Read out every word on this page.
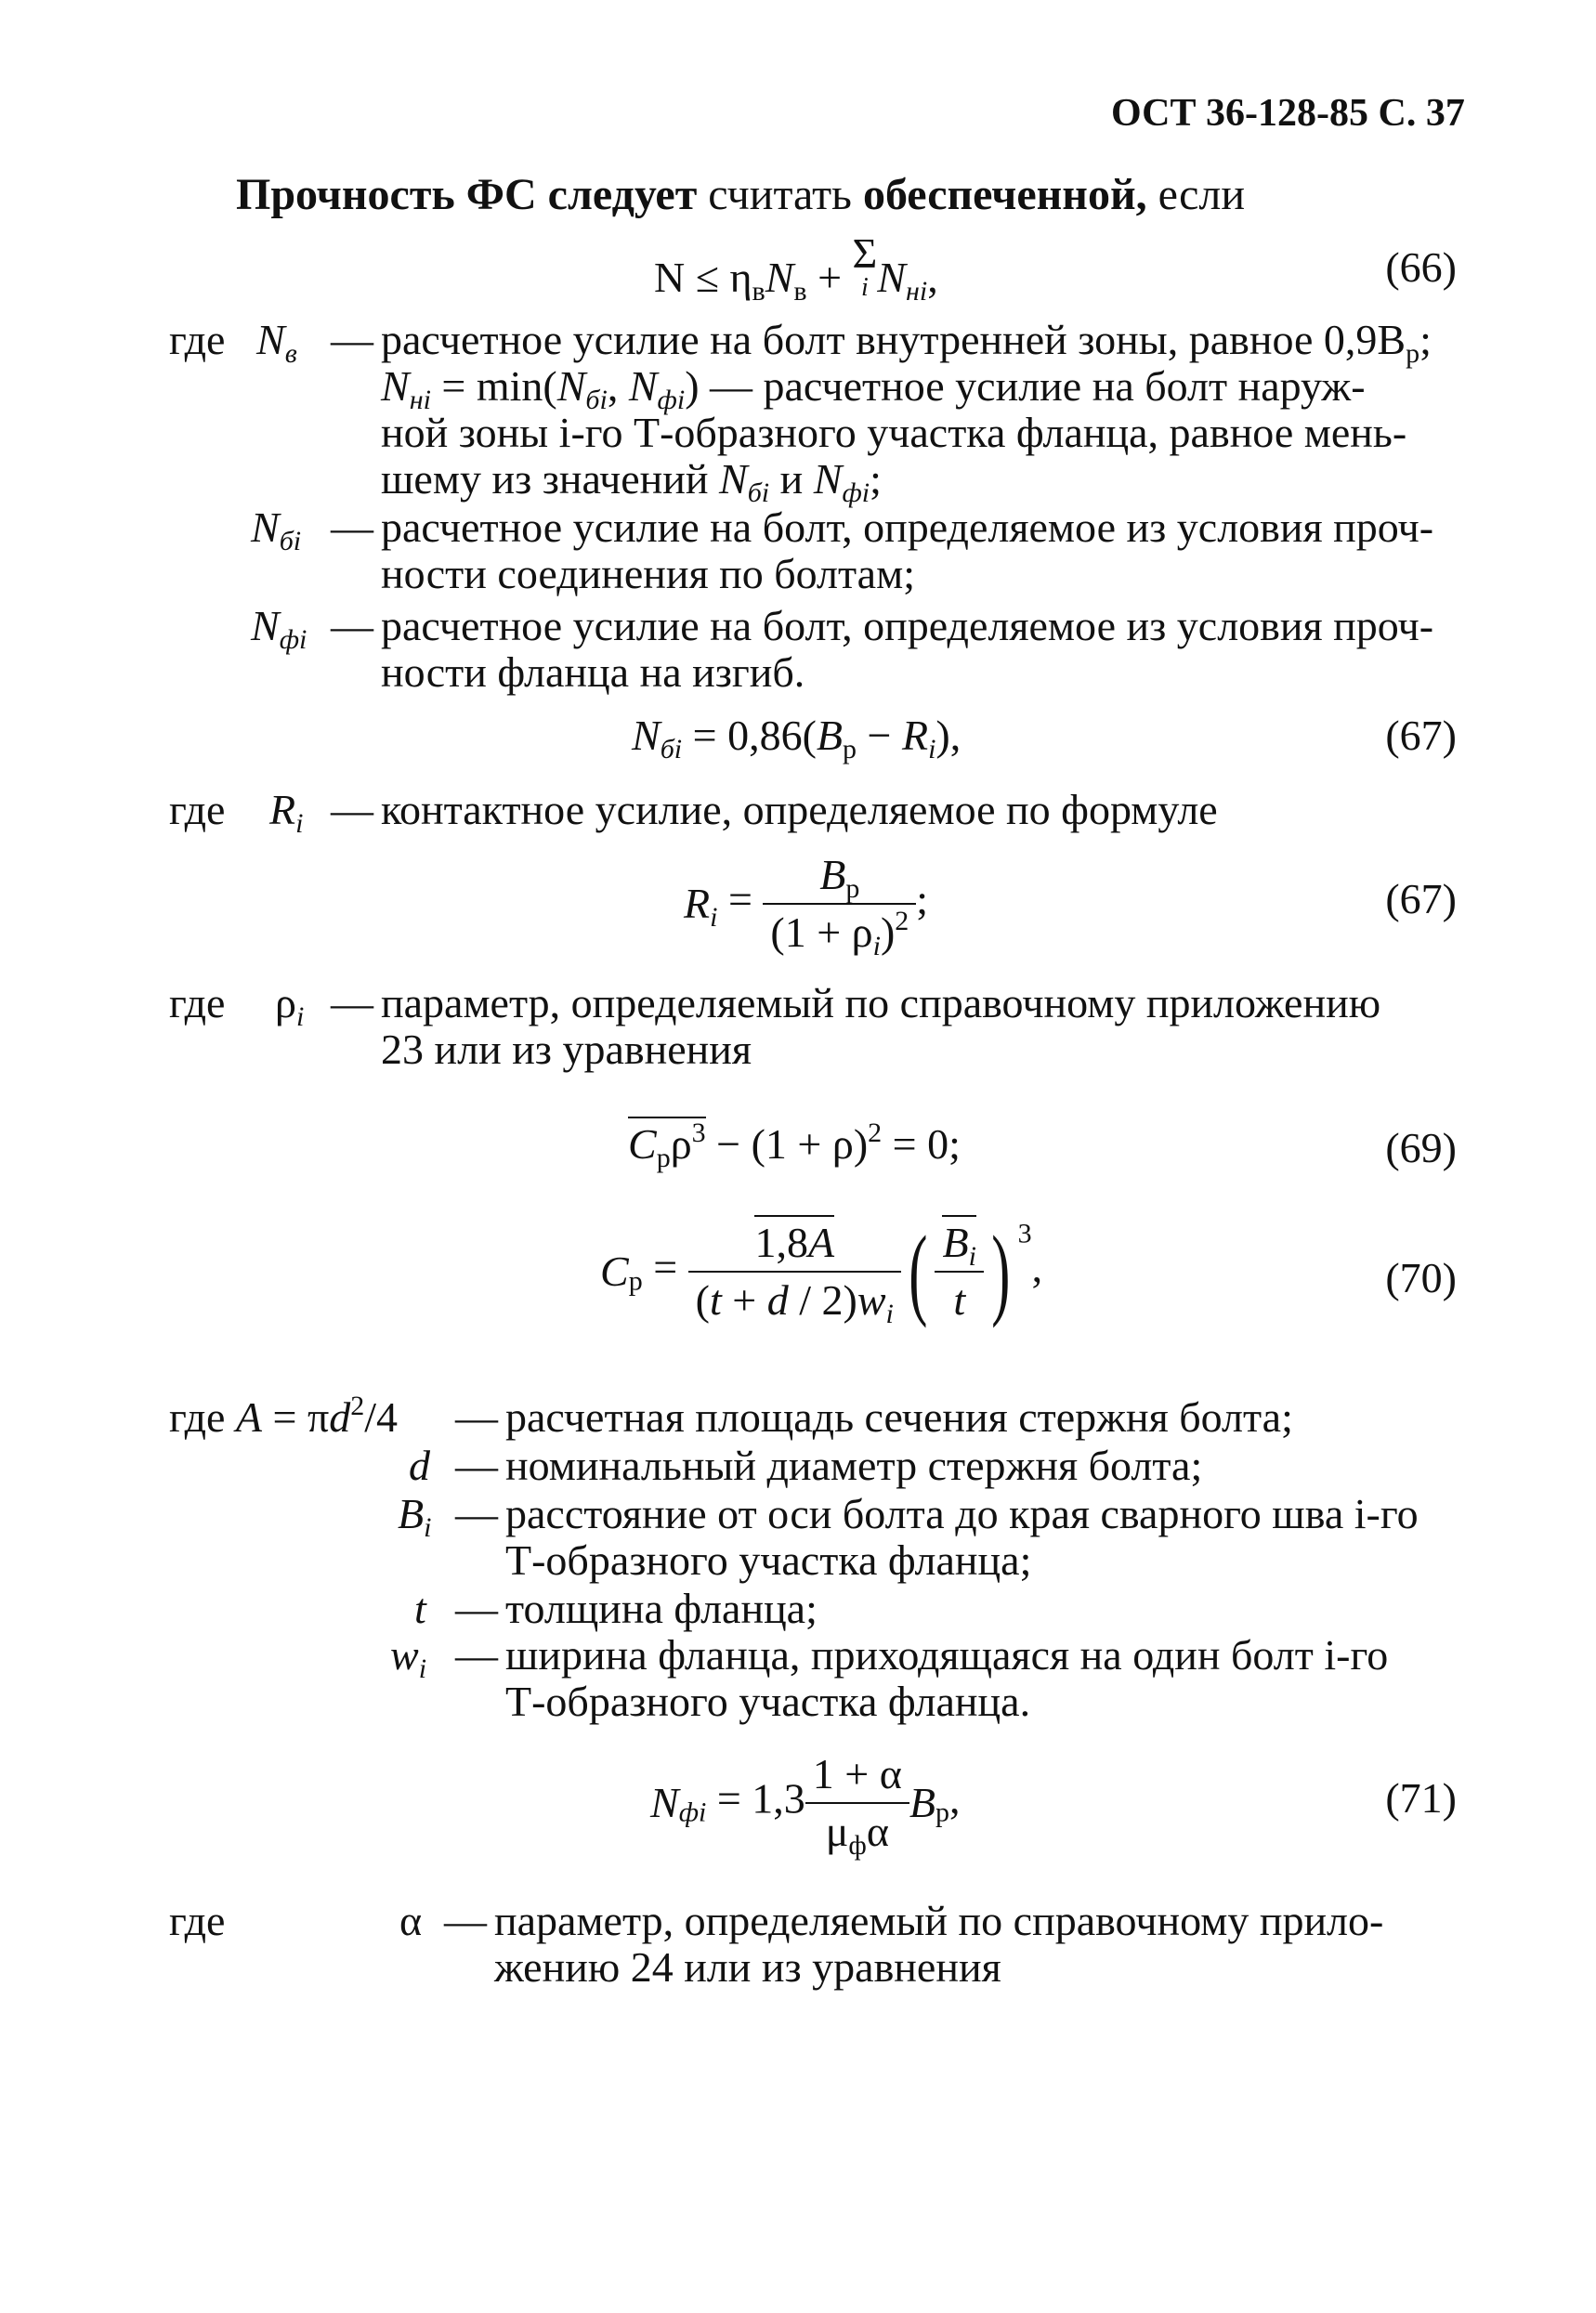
ОСТ 36-128-85 С. 37
Прочность ФС следует считать обеспеченной, если
$N \le \eta_вN_в + \Sigma$
i $N_{нi}$,	(66)
где $N_в$ — расчетное усилие на болт внутренней зоны, равное $0,9B_р$;
$N_{нi} = \min(N_{бi}$, $N_{фi}$) — расчетное усилие на болт наруж-
ной зоны i-го Т-образного участка фланца, равное мень-
шему из значений $N_{бi}$ и $N_{фi}$;
$N_{бi}$ — расчетное усилие на болт, определяемое из условия проч-
ности соединения по болтам;
$N_{фi}$ — расчетное усилие на болт, определяемое из условия проч-
ности фланца на изгиб.
$N_{бi} = 0,86(B_р - R_i)$,	(67)
где $R_i$ — контактное усилие, определяемое по формуле
$R_i = \frac{B_р}{(1 + \rho_i)^2}$ ;	(67)
где $\rho_i$ — параметр, определяемый по справочному приложению
23 или из уравнения
$C_р\rho^3 - (1 + \rho)^2 = 0$;	(69)
$C_р = \frac{1,8A}{(t + d / 2)w_i}$ ( $\frac{B_i}{t}$ ) $^3$,	(70)
где $A = \pi d^2/4$ — расчетная площадь сечения стержня болта;
d — номинальный диаметр стержня болта;
$B_i$ — расстояние от оси болта до края сварного шва i-го
Т-образного участка фланца;
t — толщина фланца;
$w_i$ — ширина фланца, приходящаяся на один болт i-го
Т-образного участка фланца.
$N_{фi} = 1,3 \frac{1 + \alpha}{\mu_ф\alpha} B_р$,	(71)
где	α — параметр, определяемый по справочному прило-
жению 24 или из уравнения
